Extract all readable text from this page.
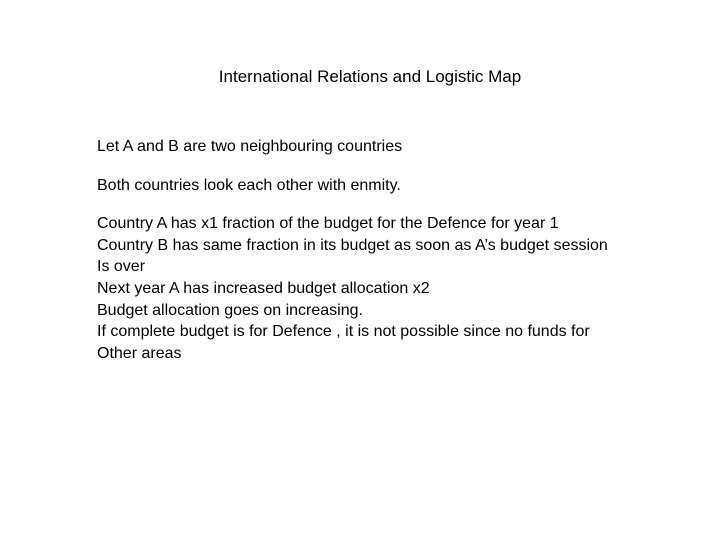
International Relations and Logistic Map

Let A and B are two neighbouring countries

Both countries look each other with enmity.

Country A has x1 fraction of the budget for the Defence for year 1
Country B has same fraction in its budget as soon as A’s budget session
Is over
Next year A has increased budget allocation x2
Budget allocation goes on increasing.
If complete budget is for Defence , it is not possible since no funds for
Other areas
